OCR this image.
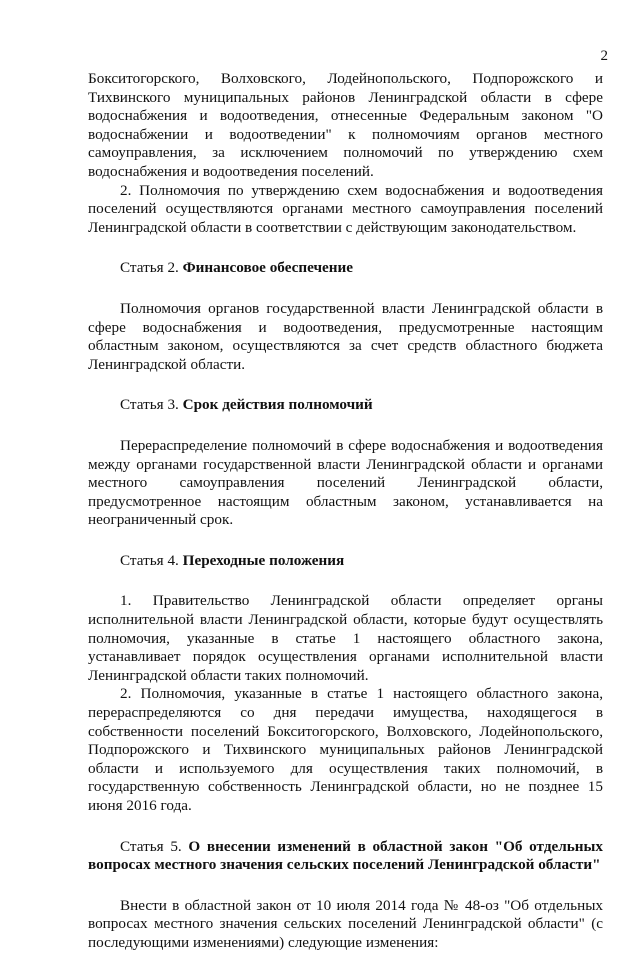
2

Бокситогорского, Волховского, Лодейнопольского, Подпорожского и Тихвинского муниципальных районов Ленинградской области в сфере водоснабжения и водоотведения, отнесенные Федеральным законом "О водоснабжении и водоотведении" к полномочиям органов местного самоуправления, за исключением полномочий по утверждению схем водоснабжения и водоотведения поселений.

2. Полномочия по утверждению схем водоснабжения и водоотведения поселений осуществляются органами местного самоуправления поселений Ленинградской области в соответствии с действующим законодательством.

Статья 2. Финансовое обеспечение

Полномочия органов государственной власти Ленинградской области в сфере водоснабжения и водоотведения, предусмотренные настоящим областным законом, осуществляются за счет средств областного бюджета Ленинградской области.

Статья 3. Срок действия полномочий

Перераспределение полномочий в сфере водоснабжения и водоотведения между органами государственной власти Ленинградской области и органами местного самоуправления поселений Ленинградской области, предусмотренное настоящим областным законом, устанавливается на неограниченный срок.

Статья 4. Переходные положения

1. Правительство Ленинградской области определяет органы исполнительной власти Ленинградской области, которые будут осуществлять полномочия, указанные в статье 1 настоящего областного закона, устанавливает порядок осуществления органами исполнительной власти Ленинградской области таких полномочий.

2. Полномочия, указанные в статье 1 настоящего областного закона, перераспределяются со дня передачи имущества, находящегося в собственности поселений Бокситогорского, Волховского, Лодейнопольского, Подпорожского и Тихвинского муниципальных районов Ленинградской области и используемого для осуществления таких полномочий, в государственную собственность Ленинградской области, но не позднее 15 июня 2016 года.

Статья 5. О внесении изменений в областной закон "Об отдельных вопросах местного значения сельских поселений Ленинградской области"

Внести в областной закон от 10 июля 2014 года № 48-оз "Об отдельных вопросах местного значения сельских поселений Ленинградской области" (с последующими изменениями) следующие изменения:
